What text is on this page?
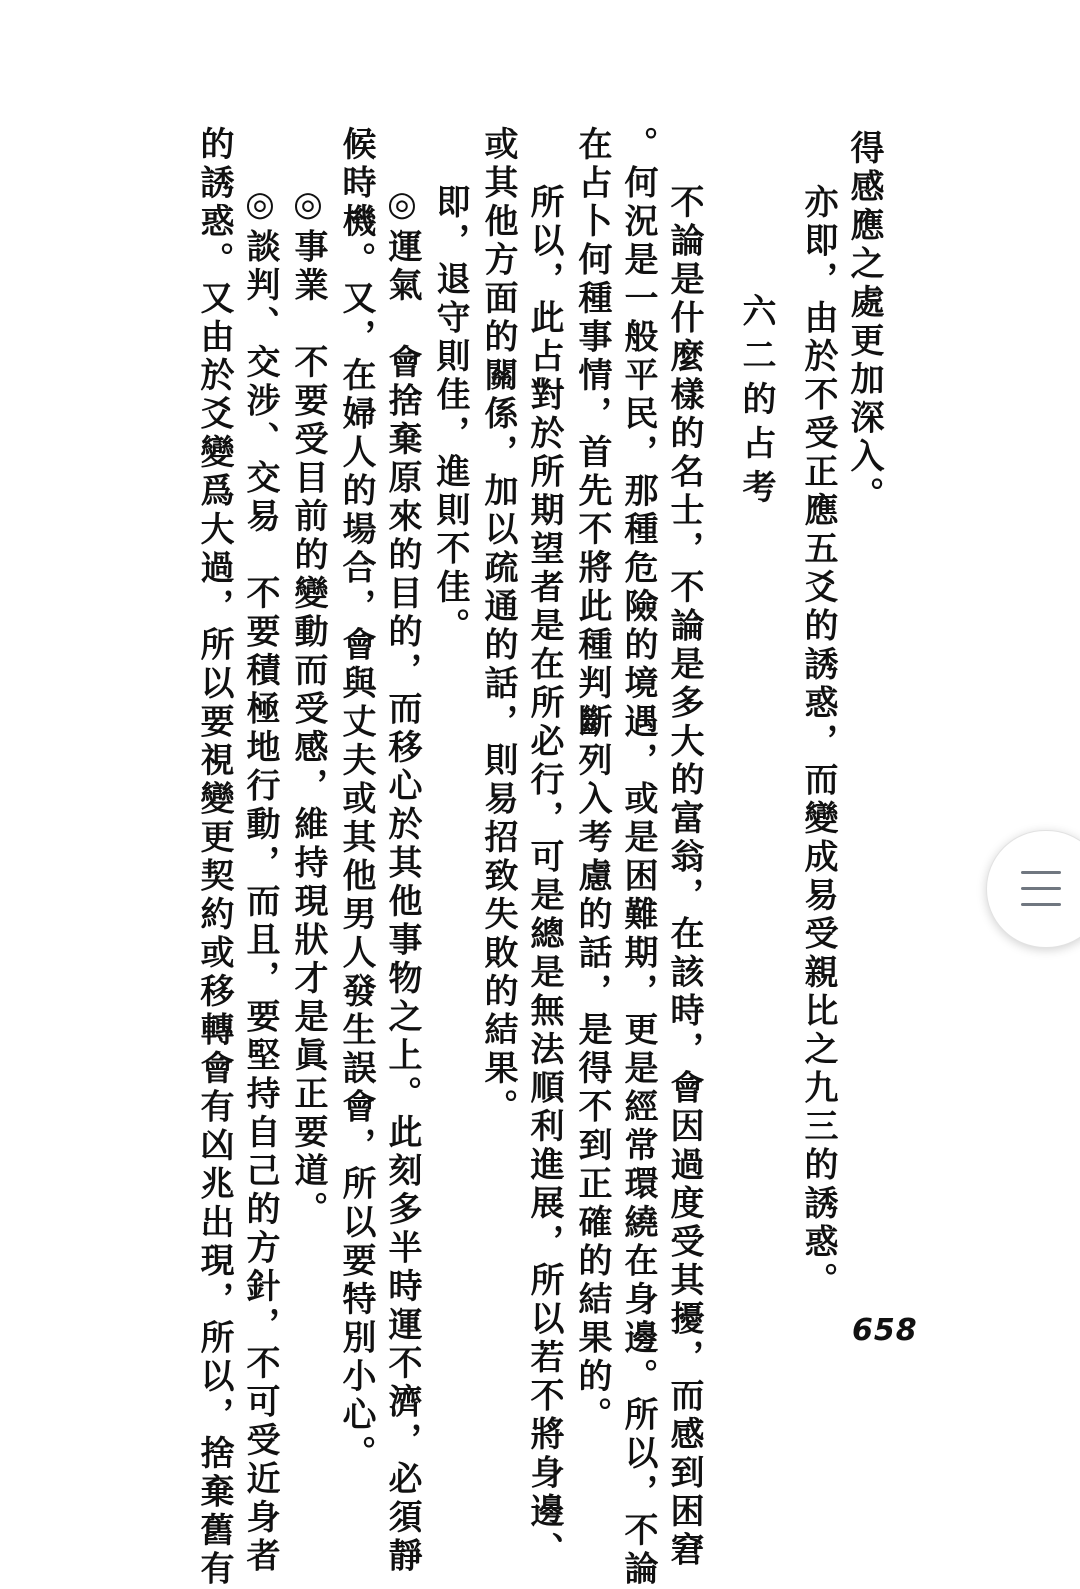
得感應之處更加深入。
亦即，由於不受正應五爻的誘惑，而變成易受親比之九三的誘惑。
六二的占考
不論是什麼樣的名士，不論是多大的富翁，在該時，會因過度受其擾，而感到困窘
。何況是一般平民，那種危險的境遇，或是困難期，更是經常環繞在身邊。所以，不論
在占卜何種事情，首先不將此種判斷列入考慮的話，是得不到正確的結果的。
所以，此占對於所期望者是在所必行，可是總是無法順利進展，所以若不將身邊、
或其他方面的關係，加以疏通的話，則易招致失敗的結果。
即，退守則佳，進則不佳。
◎運氣　會捨棄原來的目的，而移心於其他事物之上。此刻多半時運不濟，必須靜
候時機。又，在婦人的場合，會與丈夫或其他男人發生誤會，所以要特別小心。
◎事業　不要受目前的變動而受感，維持現狀才是眞正要道。
◎談判、交涉、交易　不要積極地行動，而且，要堅持自己的方針，不可受近身者
的誘惑。又由於爻變爲大過，所以要視變更契約或移轉會有凶兆出現，所以，捨棄舊有	658
